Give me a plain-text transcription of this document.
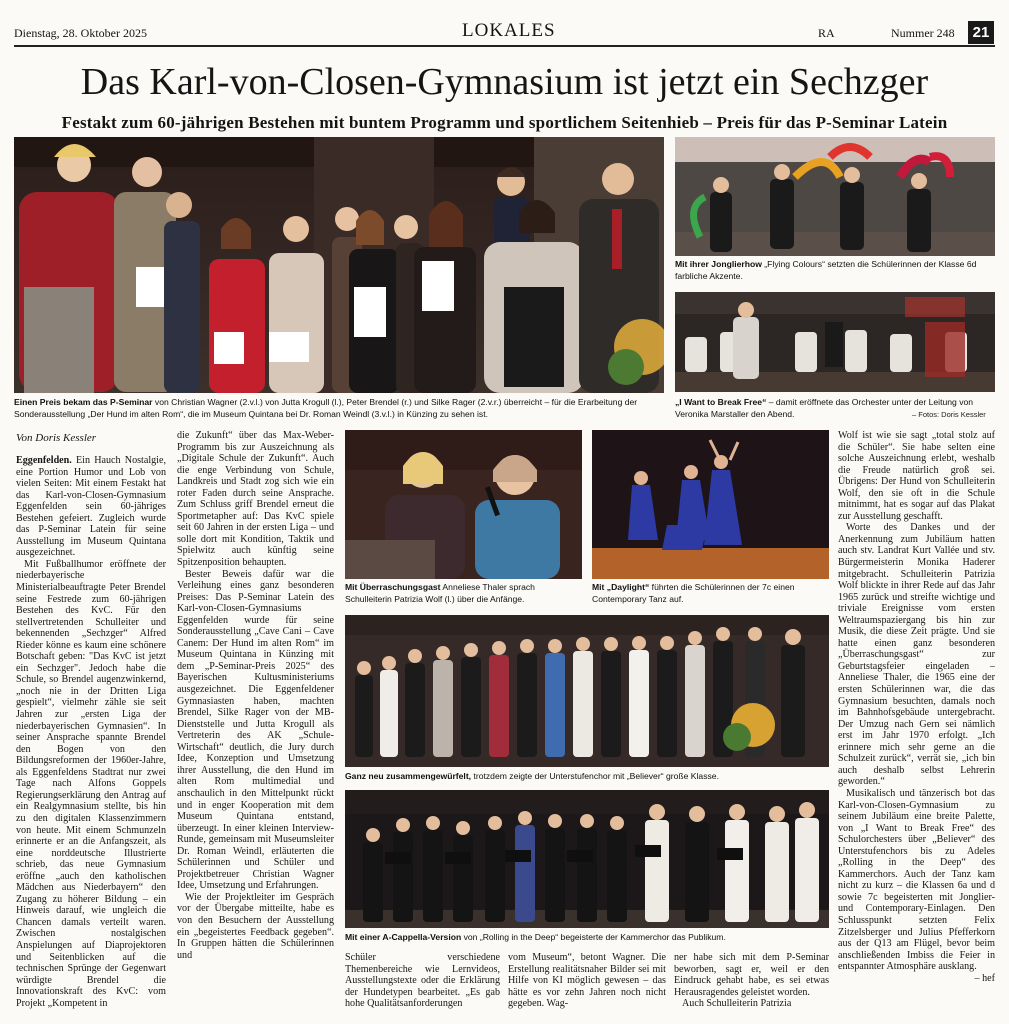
Dienstag, 28. Oktober 2025	LOKALES	RA	Nummer 248	21
Das Karl-von-Closen-Gymnasium ist jetzt ein Sechzger
Festakt zum 60-jährigen Bestehen mit buntem Programm und sportlichem Seitenhieb – Preis für das P-Seminar Latein
Einen Preis bekam das P-Seminar von Christian Wagner (2.v.l.) von Jutta Krogull (l.), Peter Brendel (r.) und Silke Rager (2.v.r.) überreicht – für die Erarbeitung der Sonderausstellung „Der Hund im alten Rom“, die im Museum Quintana bei Dr. Roman Weindl (3.v.l.) in Künzing zu sehen ist.
Mit ihrer Jonglierhow „Flying Colours“ setzten die Schülerinnen der Klasse 6d farbliche Akzente.
„I Want to Break Free“ – damit eröffnete das Orchester unter der Leitung von Veronika Marstaller den Abend.	– Fotos: Doris Kessler
Von Doris Kessler

Eggenfelden. Ein Hauch Nostalgie, eine Portion Humor und Lob von vielen Seiten: Mit einem Festakt hat das Karl-von-Closen-Gymnasium Eggenfelden sein 60-jähriges Bestehen gefeiert. Zugleich wurde das P-Seminar Latein für seine Ausstellung im Museum Quintana ausgezeichnet.

Mit Fußballhumor eröffnete der niederbayerische Ministerialbeauftragte Peter Brendel seine Festrede zum 60-jährigen Bestehen des KvC. Für den stellvertretenden Schulleiter und bekennenden „Sechzger“ Alfred Rieder könne es kaum eine schönere Botschaft geben: "Das KvC ist jetzt ein Sechzger". Jedoch habe die Schule, so Brendel augenzwinkernd, „noch nie in der Dritten Liga gespielt“, vielmehr zähle sie seit Jahren zur „ersten Liga der niederbayerischen Gymnasien“. In seiner Ansprache spannte Brendel den Bogen von den Bildungsreformen der 1960er-Jahre, als Eggenfeldens Stadtrat nur zwei Tage nach Alfons Goppels Regierungserklärung den Antrag auf ein Realgymnasium stellte, bis hin zu den digitalen Klassenzimmern von heute. Mit einem Schmunzeln erinnerte er an die Anfangszeit, als eine norddeutsche Illustrierte schrieb, das neue Gymnasium eröffne „auch den katholischen Mädchen aus Niederbayern“ den Zugang zu höherer Bildung – ein Hinweis darauf, wie ungleich die Chancen damals verteilt waren. Zwischen nostalgischen Anspielungen auf Diaprojektoren und Seitenblicken auf die technischen Sprünge der Gegenwart würdigte Brendel die Innovationskraft des KvC: vom Projekt „Kompetent in

die Zukunft“ über das Max-Weber-Programm bis zur Auszeichnung als „Digitale Schule der Zukunft“. Auch die enge Verbindung von Schule, Landkreis und Stadt zog sich wie ein roter Faden durch seine Ansprache. Zum Schluss griff Brendel erneut die Sportmetapher auf: Das KvC spiele seit 60 Jahren in der ersten Liga – und solle dort mit Kondition, Taktik und Spielwitz auch künftig seine Spitzenposition behaupten.

Bester Beweis dafür war die Verleihung eines ganz besonderen Preises: Das P-Seminar Latein des Karl-von-Closen-Gymnasiums Eggenfelden wurde für seine Sonderausstellung „Cave Cani – Cave Canem: Der Hund im alten Rom“ im Museum Quintana in Künzing mit dem „P-Seminar-Preis 2025“ des Bayerischen Kultusministeriums ausgezeichnet. Die Eggenfeldener Gymnasiasten haben, machten Brendel, Silke Rager von der MB-Dienststelle und Jutta Krogull als Vertreterin des AK „Schule-Wirtschaft“ deutlich, die Jury durch Idee, Konzeption und Umsetzung ihrer Ausstellung, die den Hund im alten Rom multimedial und anschaulich in den Mittelpunkt rückt und in enger Kooperation mit dem Museum Quintana entstand, überzeugt. In einer kleinen Interview-Runde, gemeinsam mit Museumsleiter Dr. Roman Weindl, erläuterten die Schülerinnen und Schüler und Projektbetreuer Christian Wagner Idee, Umsetzung und Erfahrungen.

Wie der Projektleiter im Gespräch vor der Übergabe mitteilte, habe es von den Besuchern der Ausstellung ein „begeistertes Feedback gegeben“. In Gruppen hätten die Schülerinnen und

Mit Überraschungsgast Anneliese Thaler sprach Schulleiterin Patrizia Wolf (l.) über die Anfänge.
Mit „Daylight“ führten die Schülerinnen der 7c einen Contemporary Tanz auf.
Ganz neu zusammengewürfelt, trotzdem zeigte der Unterstufenchor mit „Believer“ große Klasse.
Mit einer A-Cappella-Version von „Rolling in the Deep“ begeisterte der Kammerchor das Publikum.

Schüler verschiedene Themenbereiche wie Lernvideos, Ausstellungstexte oder die Erklärung der Hundetypen bearbeitet. „Es gab hohe Qualitätsanforderungen

vom Museum“, betont Wagner. Die Erstellung realitätsnaher Bilder sei mit Hilfe von KI möglich gewesen – das hätte es vor zehn Jahren noch nicht gegeben. Wag-

ner habe sich mit dem P-Seminar beworben, sagt er, weil er den Eindruck gehabt habe, es sei etwas Herausragendes geleistet worden.

Auch Schulleiterin Patrizia

Wolf ist wie sie sagt „total stolz auf die Schüler“. Sie habe selten eine solche Auszeichnung erlebt, weshalb die Freude natürlich groß sei. Übrigens: Der Hund von Schulleiterin Wolf, den sie oft in die Schule mitnimmt, hat es sogar auf das Plakat zur Ausstellung geschafft.

Worte des Dankes und der Anerkennung zum Jubiläum hatten auch stv. Landrat Kurt Vallée und stv. Bürgermeisterin Monika Haderer mitgebracht. Schulleiterin Patrizia Wolf blickte in ihrer Rede auf das Jahr 1965 zurück und streifte wichtige und triviale Ereignisse vom ersten Weltraumspaziergang bis hin zur Musik, die diese Zeit prägte. Und sie hatte einen ganz besonderen „Überraschungsgast“ zur Geburtstagsfeier eingeladen – Anneliese Thaler, die 1965 eine der ersten Schülerinnen war, die das Gymnasium besuchten, damals noch im Bahnhofsgebäude untergebracht. Der Umzug nach Gern sei nämlich erst im Jahr 1970 erfolgt. „Ich erinnere mich sehr gerne an die Schulzeit zurück“, verrät sie, „ich bin auch deshalb selbst Lehrerin geworden.“

Musikalisch und tänzerisch bot das Karl-von-Closen-Gymnasium zu seinem Jubiläum eine breite Palette, von „I Want to Break Free“ des Schulorchesters über „Believer“ des Unterstufenchors bis zu Adeles „Rolling in the Deep“ des Kammerchors. Auch der Tanz kam nicht zu kurz – die Klassen 6a und d sowie 7c begeisterten mit Jonglier- und Contemporary-Einlagen. Den Schlusspunkt setzten Felix Zitzelsberger und Julius Pfefferkorn aus der Q13 am Flügel, bevor beim anschließenden Imbiss die Feier in entspannter Atmosphäre ausklang.

– hef
